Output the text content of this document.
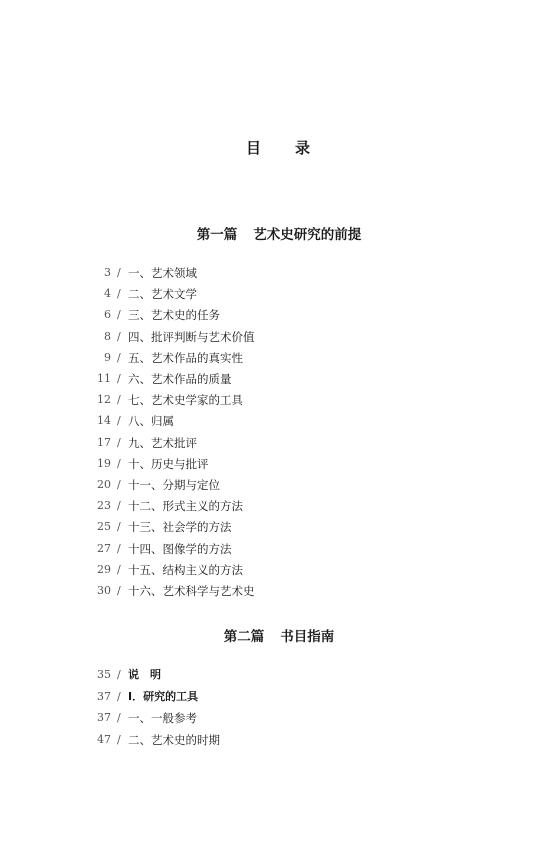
目 录
第一篇 艺术史研究的前提
3 / 一、艺术领域
4 / 二、艺术文学
6 / 三、艺术史的任务
8 / 四、批评判断与艺术价值
9 / 五、艺术作品的真实性
11 / 六、艺术作品的质量
12 / 七、艺术史学家的工具
14 / 八、归属
17 / 九、艺术批评
19 / 十、历史与批评
20 / 十一、分期与定位
23 / 十二、形式主义的方法
25 / 十三、社会学的方法
27 / 十四、图像学的方法
29 / 十五、结构主义的方法
30 / 十六、艺术科学与艺术史
第二篇 书目指南
35 / 说　明
37 / Ⅰ．研究的工具
37 / 一、一般参考
47 / 二、艺术史的时期
